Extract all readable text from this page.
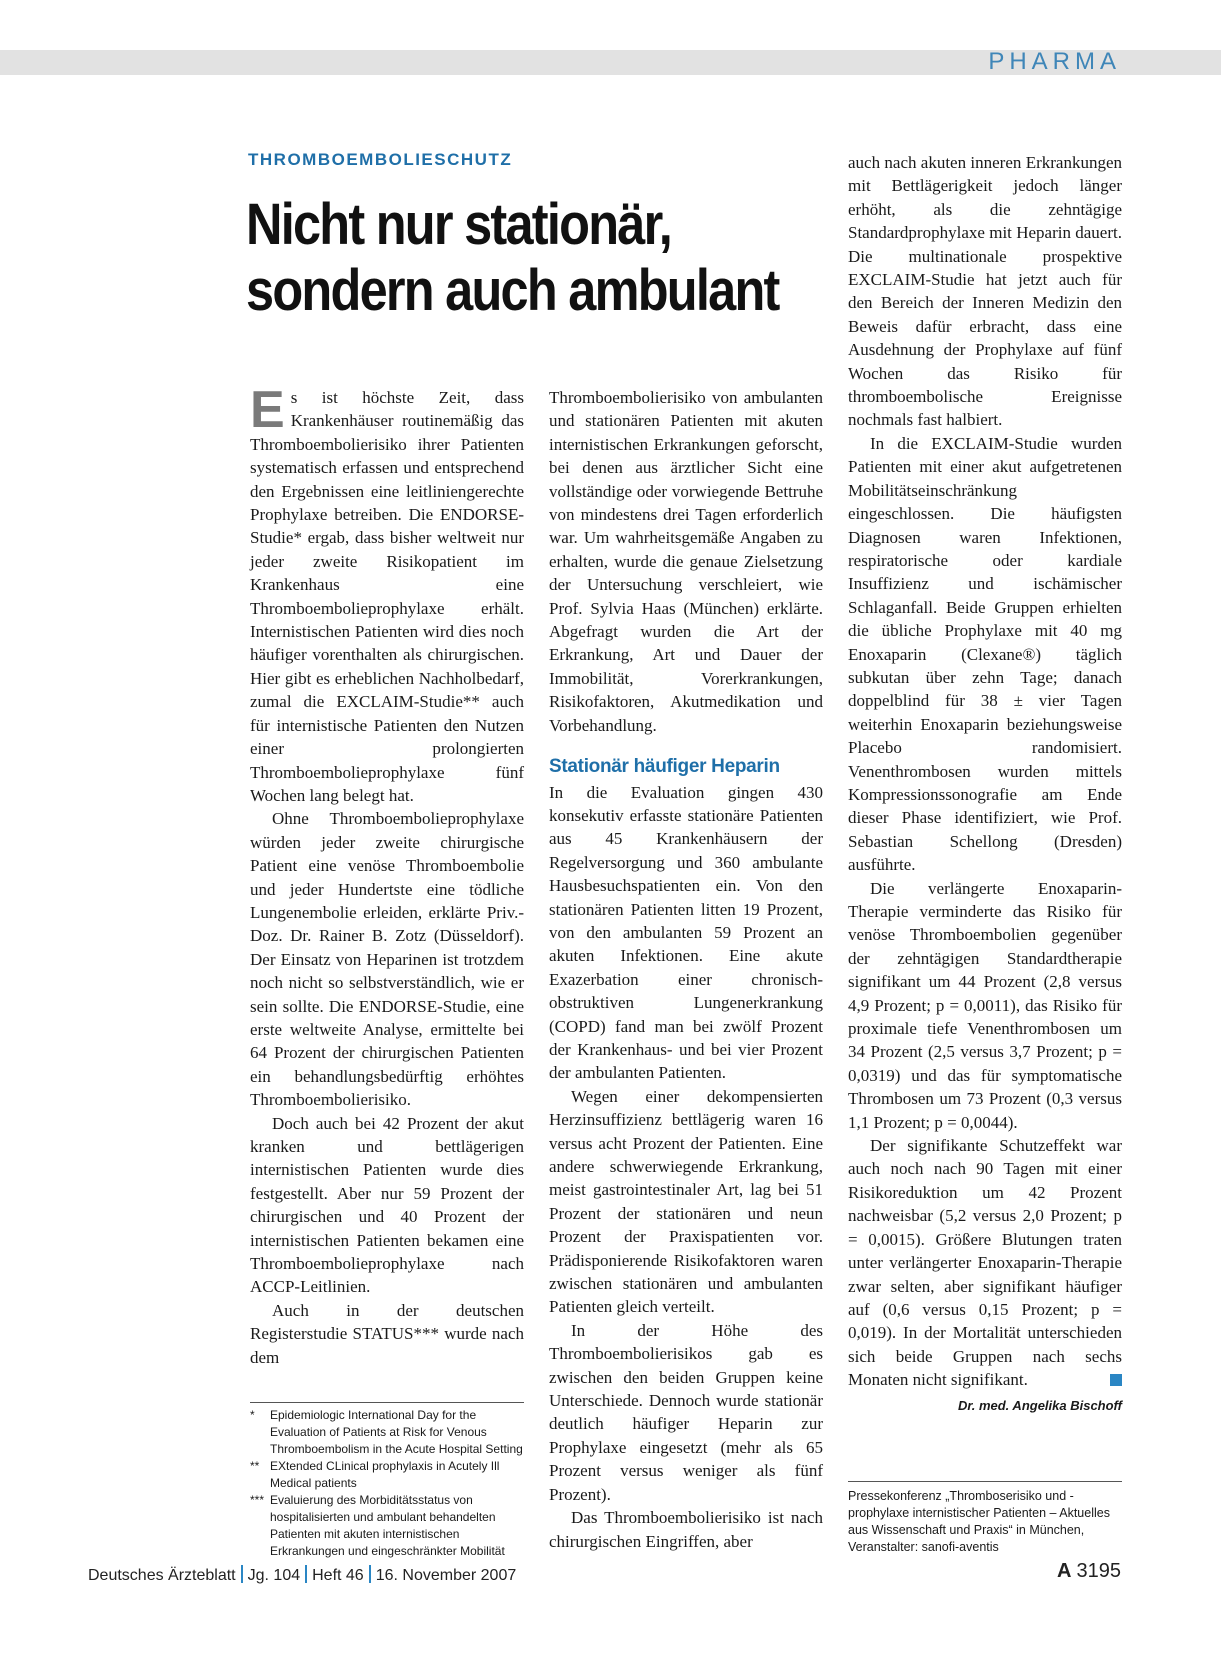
PHARMA
THROMBOEMBOLIESCHUTZ
Nicht nur stationär,
sondern auch ambulant

Es ist höchste Zeit, dass Krankenhäuser routinemäßig das Thromboembolierisiko ihrer Patienten systematisch erfassen und entsprechend den Ergebnissen eine leitliniengerechte Prophylaxe betreiben. Die ENDORSE-Studie* ergab, dass bisher weltweit nur jeder zweite Risikopatient im Krankenhaus eine Thromboembolieprophylaxe erhält. Internistischen Patienten wird dies noch häufiger vorenthalten als chirurgischen. Hier gibt es erheblichen Nachholbedarf, zumal die EXCLAIM-Studie** auch für internistische Patienten den Nutzen einer prolongierten Thromboembolieprophylaxe fünf Wochen lang belegt hat.

Ohne Thromboembolieprophylaxe würden jeder zweite chirurgische Patient eine venöse Thromboembolie und jeder Hundertste eine tödliche Lungenembolie erleiden, erklärte Priv.-Doz. Dr. Rainer B. Zotz (Düsseldorf). Der Einsatz von Heparinen ist trotzdem noch nicht so selbstverständlich, wie er sein sollte. Die ENDORSE-Studie, eine erste weltweite Analyse, ermittelte bei 64 Prozent der chirurgischen Patienten ein behandlungsbedürftig erhöhtes Thromboembolierisiko.

Doch auch bei 42 Prozent der akut kranken und bettlägerigen internistischen Patienten wurde dies festgestellt. Aber nur 59 Prozent der chirurgischen und 40 Prozent der internistischen Patienten bekamen eine Thromboembolieprophylaxe nach ACCP-Leitlinien.

Auch in der deutschen Registerstudie STATUS*** wurde nach dem

Thromboembolierisiko von ambulanten und stationären Patienten mit akuten internistischen Erkrankungen geforscht, bei denen aus ärztlicher Sicht eine vollständige oder vorwiegende Bettruhe von mindestens drei Tagen erforderlich war. Um wahrheitsgemäße Angaben zu erhalten, wurde die genaue Zielsetzung der Untersuchung verschleiert, wie Prof. Sylvia Haas (München) erklärte. Abgefragt wurden die Art der Erkrankung, Art und Dauer der Immobilität, Vorerkrankungen, Risikofaktoren, Akutmedikation und Vorbehandlung.

Stationär häufiger Heparin

In die Evaluation gingen 430 konsekutiv erfasste stationäre Patienten aus 45 Krankenhäusern der Regelversorgung und 360 ambulante Hausbesuchspatienten ein. Von den stationären Patienten litten 19 Prozent, von den ambulanten 59 Prozent an akuten Infektionen. Eine akute Exazerbation einer chronisch-obstruktiven Lungenerkrankung (COPD) fand man bei zwölf Prozent der Krankenhaus- und bei vier Prozent der ambulanten Patienten.

Wegen einer dekompensierten Herzinsuffizienz bettlägerig waren 16 versus acht Prozent der Patienten. Eine andere schwerwiegende Erkrankung, meist gastrointestinaler Art, lag bei 51 Prozent der stationären und neun Prozent der Praxispatienten vor. Prädisponierende Risikofaktoren waren zwischen stationären und ambulanten Patienten gleich verteilt.

In der Höhe des Thromboembolierisikos gab es zwischen den beiden Gruppen keine Unterschiede. Dennoch wurde stationär deutlich häufiger Heparin zur Prophylaxe eingesetzt (mehr als 65 Prozent versus weniger als fünf Prozent).

Das Thromboembolierisiko ist nach chirurgischen Eingriffen, aber

auch nach akuten inneren Erkrankungen mit Bettlägerigkeit jedoch länger erhöht, als die zehntägige Standardprophylaxe mit Heparin dauert. Die multinationale prospektive EXCLAIM-Studie hat jetzt auch für den Bereich der Inneren Medizin den Beweis dafür erbracht, dass eine Ausdehnung der Prophylaxe auf fünf Wochen das Risiko für thromboembolische Ereignisse nochmals fast halbiert.

In die EXCLAIM-Studie wurden Patienten mit einer akut aufgetretenen Mobilitätseinschränkung eingeschlossen. Die häufigsten Diagnosen waren Infektionen, respiratorische oder kardiale Insuffizienz und ischämischer Schlaganfall. Beide Gruppen erhielten die übliche Prophylaxe mit 40 mg Enoxaparin (Clexane®) täglich subkutan über zehn Tage; danach doppelblind für 38 ± vier Tagen weiterhin Enoxaparin beziehungsweise Placebo randomisiert. Venenthrombosen wurden mittels Kompressionssonografie am Ende dieser Phase identifiziert, wie Prof. Sebastian Schellong (Dresden) ausführte.

Die verlängerte Enoxaparin-Therapie verminderte das Risiko für venöse Thromboembolien gegenüber der zehntägigen Standardtherapie signifikant um 44 Prozent (2,8 versus 4,9 Prozent; p = 0,0011), das Risiko für proximale tiefe Venenthrombosen um 34 Prozent (2,5 versus 3,7 Prozent; p = 0,0319) und das für symptomatische Thrombosen um 73 Prozent (0,3 versus 1,1 Prozent; p = 0,0044).

Der signifikante Schutzeffekt war auch noch nach 90 Tagen mit einer Risikoreduktion um 42 Prozent nachweisbar (5,2 versus 2,0 Prozent; p = 0,0015). Größere Blutungen traten unter verlängerter Enoxaparin-Therapie zwar selten, aber signifikant häufiger auf (0,6 versus 0,15 Prozent; p = 0,019). In der Mortalität unterschieden sich beide Gruppen nach sechs Monaten nicht signifikant.

Dr. med. Angelika Bischoff
*	Epidemiologic International Day for the Evaluation of Patients at Risk for Venous Thromboembolism in the Acute Hospital Setting
** EXtended CLinical prophylaxis in Acutely Ill Medical patients
*** Evaluierung des Morbiditätsstatus von hospitalisierten und ambulant behandelten Patienten mit akuten internistischen Erkrankungen und eingeschränkter Mobilität
Pressekonferenz „Thromboserisiko und -prophylaxe internistischer Patienten – Aktuelles aus Wissenschaft und Praxis“ in München, Veranstalter: sanofi-aventis
Deutsches Ärzteblatt Jg. 104 Heft 46 16. November 2007	A 3195
